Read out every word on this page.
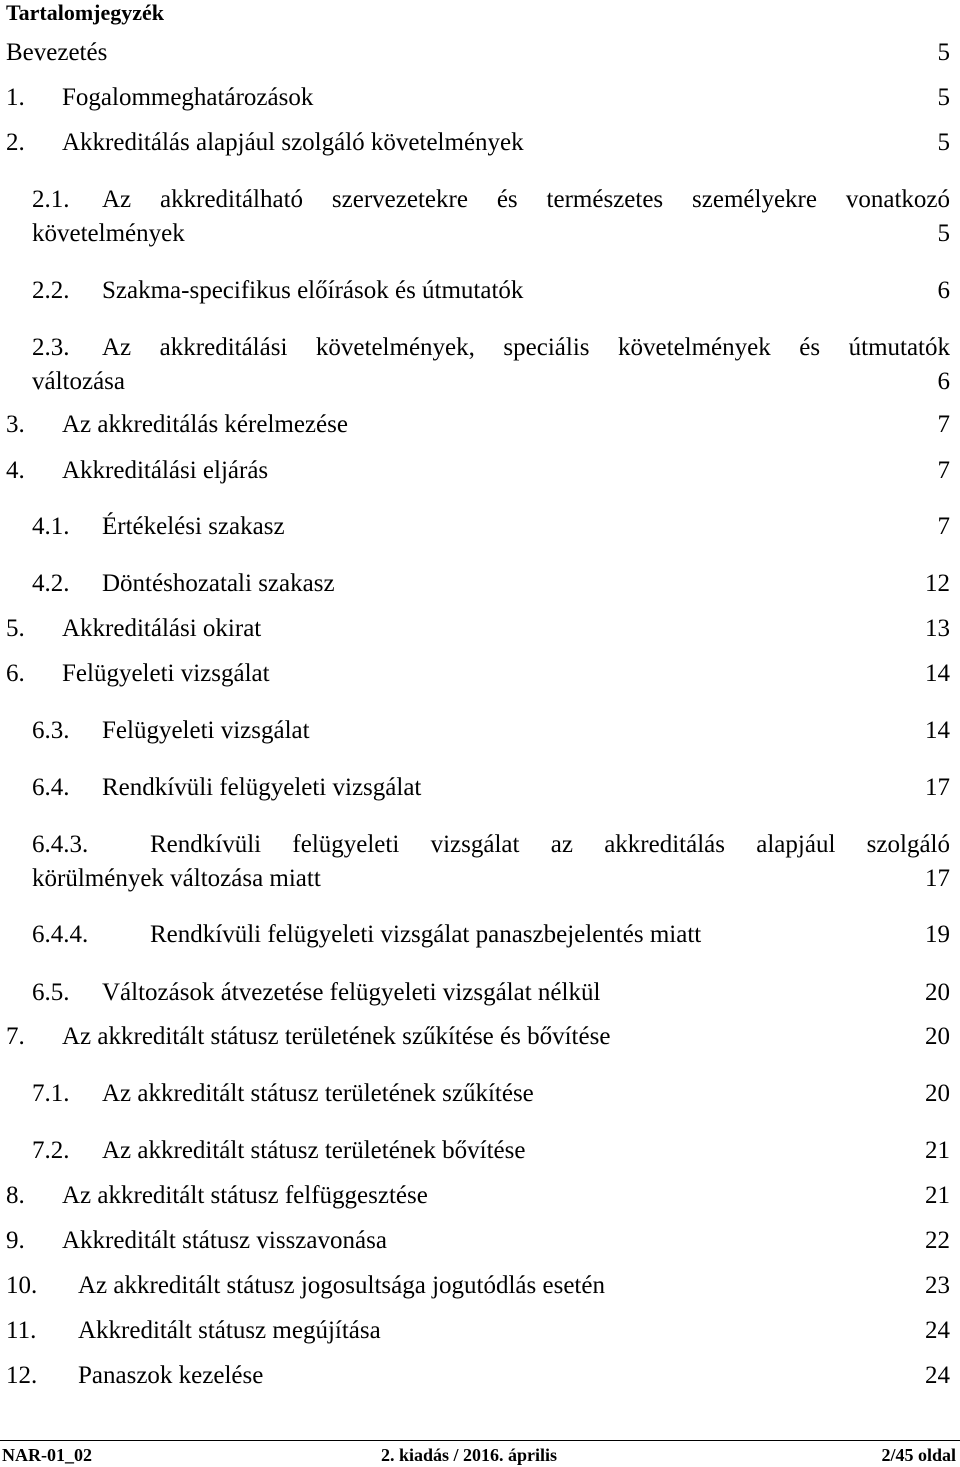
Tartalomjegyzék
Bevezetés	5
1. Fogalommeghatározások	5
2. Akkreditálás alapjául szolgáló követelmények	5
2.1. Az akkreditálható szervezetekre és természetes személyekre vonatkozó
követelmények	5
2.2. Szakma-specifikus előírások és útmutatók	6
2.3. Az akkreditálási követelmények, speciális követelmények és útmutatók
változása	6
3. Az akkreditálás kérelmezése	7
4. Akkreditálási eljárás	7
4.1. Értékelési szakasz	7
4.2. Döntéshozatali szakasz	12
5. Akkreditálási okirat	13
6. Felügyeleti vizsgálat	14
6.3. Felügyeleti vizsgálat	14
6.4. Rendkívüli felügyeleti vizsgálat	17
6.4.3. Rendkívüli felügyeleti vizsgálat az akkreditálás alapjául szolgáló
körülmények változása miatt	17
6.4.4. Rendkívüli felügyeleti vizsgálat panaszbejelentés miatt	19
6.5. Változások átvezetése felügyeleti vizsgálat nélkül	20
7. Az akkreditált státusz területének szűkítése és bővítése	20
7.1. Az akkreditált státusz területének szűkítése	20
7.2. Az akkreditált státusz területének bővítése	21
8. Az akkreditált státusz felfüggesztése	21
9. Akkreditált státusz visszavonása	22
10. Az akkreditált státusz jogosultsága jogutódlás esetén	23
11. Akkreditált státusz megújítása	24
12. Panaszok kezelése	24
NAR-01_02	2. kiadás / 2016. április	2/45 oldal
